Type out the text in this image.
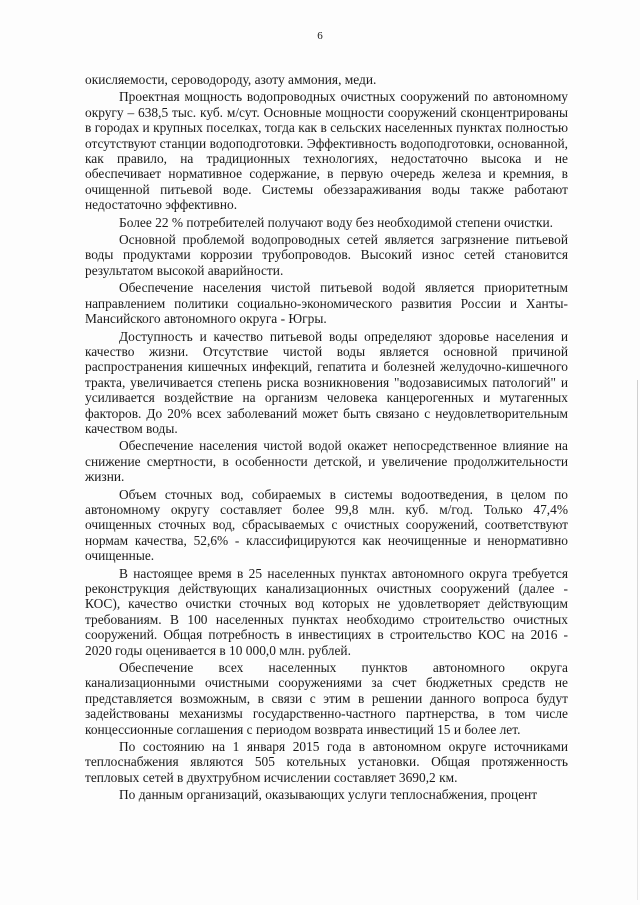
6

окисляемости, сероводороду, азоту аммония, меди.

Проектная мощность водопроводных очистных сооружений по автономному округу – 638,5 тыс. куб. м/сут. Основные мощности сооружений сконцентрированы в городах и крупных поселках, тогда как в сельских населенных пунктах полностью отсутствуют станции водоподготовки. Эффективность водоподготовки, основанной, как правило, на традиционных технологиях, недостаточно высока и не обеспечивает нормативное содержание, в первую очередь железа и кремния, в очищенной питьевой воде. Системы обеззараживания воды также работают недостаточно эффективно.

Более 22 % потребителей получают воду без необходимой степени очистки.

Основной проблемой водопроводных сетей является загрязнение питьевой воды продуктами коррозии трубопроводов. Высокий износ сетей становится результатом высокой аварийности.

Обеспечение населения чистой питьевой водой является приоритетным направлением политики социально-экономического развития России и Ханты-Мансийского автономного округа - Югры.

Доступность и качество питьевой воды определяют здоровье населения и качество жизни. Отсутствие чистой воды является основной причиной распространения кишечных инфекций, гепатита и болезней желудочно-кишечного тракта, увеличивается степень риска возникновения "водозависимых патологий" и усиливается воздействие на организм человека канцерогенных и мутагенных факторов. До 20% всех заболеваний может быть связано с неудовлетворительным качеством воды.

Обеспечение населения чистой водой окажет непосредственное влияние на снижение смертности, в особенности детской, и увеличение продолжительности жизни.

Объем сточных вод, собираемых в системы водоотведения, в целом по автономному округу составляет более 99,8 млн. куб. м/год. Только 47,4% очищенных сточных вод, сбрасываемых с очистных сооружений, соответствуют нормам качества, 52,6% - классифицируются как неочищенные и ненормативно очищенные.

В настоящее время в 25 населенных пунктах автономного округа требуется реконструкция действующих канализационных очистных сооружений (далее - КОС), качество очистки сточных вод которых не удовлетворяет действующим требованиям. В 100 населенных пунктах необходимо строительство очистных сооружений. Общая потребность в инвестициях в строительство КОС на 2016 - 2020 годы оценивается в 10 000,0 млн. рублей.

Обеспечение всех населенных пунктов автономного округа канализационными очистными сооружениями за счет бюджетных средств не представляется возможным, в связи с этим в решении данного вопроса будут задействованы механизмы государственно-частного партнерства, в том числе концессионные соглашения с периодом возврата инвестиций 15 и более лет.

По состоянию на 1 января 2015 года в автономном округе источниками теплоснабжения являются 505 котельных установки. Общая протяженность тепловых сетей в двухтрубном исчислении составляет 3690,2 км.

По данным организаций, оказывающих услуги теплоснабжения, процент
